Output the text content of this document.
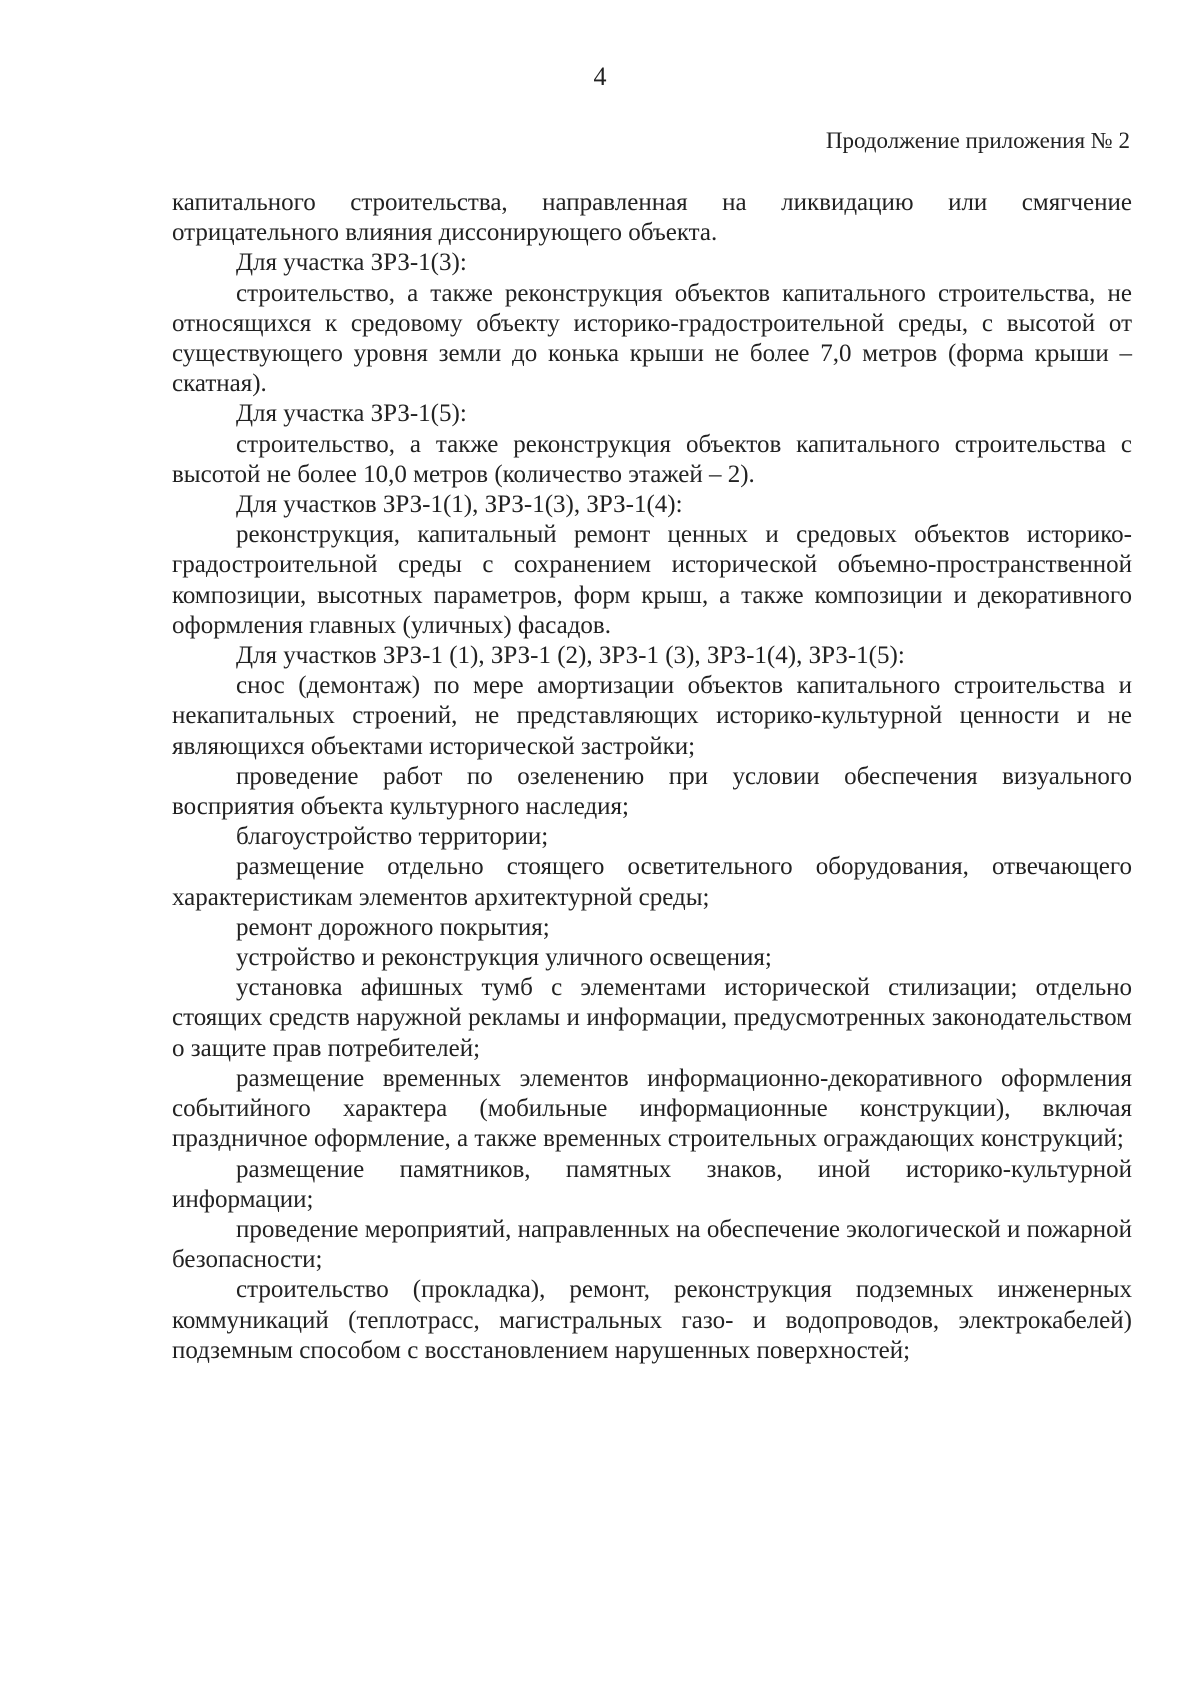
4
Продолжение приложения № 2

капитального строительства, направленная на ликвидацию или смягчение отрицательного влияния диссонирующего объекта.

Для участка ЗРЗ-1(3):

строительство, а также реконструкция объектов капитального строительства, не относящихся к средовому объекту историко-градостроительной среды, с высотой от существующего уровня земли до конька крыши не более 7,0 метров (форма крыши – скатная).

Для участка ЗРЗ-1(5):

строительство, а также реконструкция объектов капитального строительства с высотой не более 10,0 метров (количество этажей – 2).

Для участков ЗРЗ-1(1), ЗРЗ-1(3), ЗРЗ-1(4):

реконструкция, капитальный ремонт ценных и средовых объектов историко-градостроительной среды с сохранением исторической объемно-пространственной композиции, высотных параметров, форм крыш, а также композиции и декоративного оформления главных (уличных) фасадов.

Для участков ЗРЗ-1 (1), ЗРЗ-1 (2), ЗРЗ-1 (3), ЗРЗ-1(4), ЗРЗ-1(5):

снос (демонтаж) по мере амортизации объектов капитального строительства и некапитальных строений, не представляющих историко-культурной ценности и не являющихся объектами исторической застройки;

проведение работ по озеленению при условии обеспечения визуального восприятия объекта культурного наследия;

благоустройство территории;

размещение отдельно стоящего осветительного оборудования, отвечающего характеристикам элементов архитектурной среды;

ремонт дорожного покрытия;

устройство и реконструкция уличного освещения;

установка афишных тумб с элементами исторической стилизации; отдельно стоящих средств наружной рекламы и информации, предусмотренных законодательством о защите прав потребителей;

размещение временных элементов информационно-декоративного оформления событийного характера (мобильные информационные конструкции), включая праздничное оформление, а также временных строительных ограждающих конструкций;

размещение памятников, памятных знаков, иной историко-культурной информации;

проведение мероприятий, направленных на обеспечение экологической и пожарной безопасности;

строительство (прокладка), ремонт, реконструкция подземных инженерных коммуникаций (теплотрасс, магистральных газо- и водопроводов, электрокабелей) подземным способом с восстановлением нарушенных поверхностей;
